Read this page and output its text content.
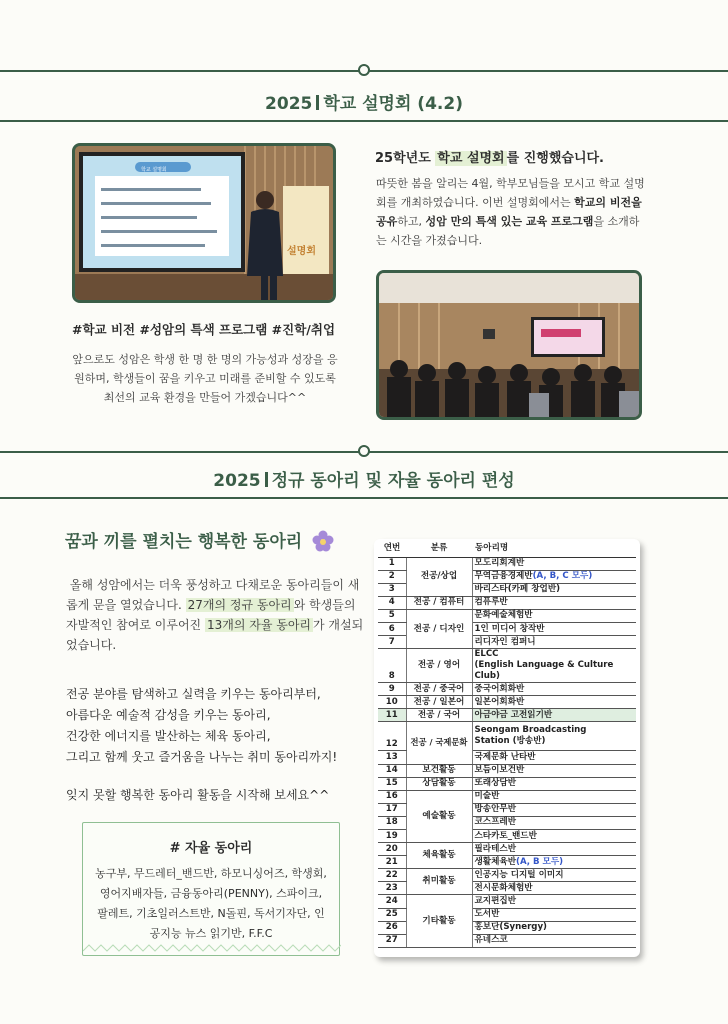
2025 학교 설명회 (4.2)
학교 설명회
설명회
25학년도 학교 설명회 를 진행했습니다.
따뜻한 봄을 알리는 4월, 학부모님들을 모시고 학교 설명회를 개최하였습니다. 이번 설명회에서는 학교의 비전을 공유하고, 성암 만의 특색 있는 교육 프로그램을 소개하는 시간을 가졌습니다.
#학교 비전 #성암의 특색 프로그램 #진학/취업
앞으로도 성암은 학생 한 명 한 명의 가능성과 성장을 응원하며, 학생들이 꿈을 키우고 미래를 준비할 수 있도록 최선의 교육 환경을 만들어 가겠습니다^^
2025 정규 동아리 및 자율 동아리 편성
꿈과 끼를 펼치는 행복한 동아리
올해 성암에서는 더욱 풍성하고 다채로운 동아리들이 새롭게 문을 열었습니다. 27개의 정규 동아리 와 학생들의 자발적인 참여로 이루어진 13개의 자율 동아리 가 개설되었습니다.
전공 분야를 탐색하고 실력을 키우는 동아리부터,
아름다운 예술적 감성을 키우는 동아리,
건강한 에너지를 발산하는 체육 동아리,
그리고 함께 웃고 즐거움을 나누는 취미 동아리까지!
잊지 못할 행복한 동아리 활동을 시작해 보세요^^
# 자율 동아리
농구부, 무드레터_밴드반, 하모니싱어즈, 학생회, 영어지배자들, 금융동아리(PENNY), 스파이크, 팔레트, 기초일러스트반, N돌핀, 독서기자단, 인공지능 뉴스 읽기반, F.F.C
연번	분류	동아리명
1	전공/상업	모도리회계반
2		무역금융경제반(A, B, C 모두)
3		바리스타(카페 창업반)
4	전공 / 컴퓨터	컴퓨루반
5	전공 / 디자인	문화예술체험반
6		1인 미디어 창작반
7		리디자인 컴퍼니
8	전공 / 영어	ELCC
(English Language & Culture Club)

9	전공 / 중국어	중국어회화반
10	전공 / 일본어	일본어회화반
11	전공 / 국어	아금야금 고전읽기반
12	전공 / 국제문화	Seongam Broadcasting
Station (방송반)

13		국제문화 난타반
14	보건활동	보듬이보건반
15	상담활동	또래상담반
16	예술활동	미술반
17		방송안무반
18		코스프레반
19		스타카토_밴드반
20	체육활동	필라테스반
21		생활체육반(A, B 모두)
22	취미활동	인공지능 디지털 이미지
23		전시문화체험반
24	기타활동	교지편집반
25		도서반
26		홍보단(Synergy)
27		유네스코
